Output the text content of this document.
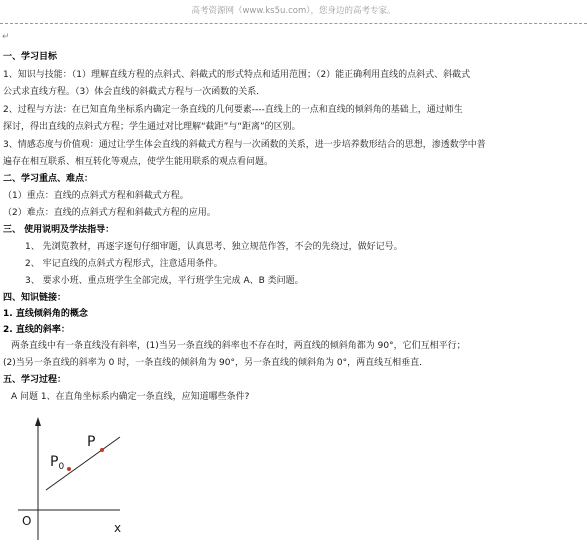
高考资源网（www.ks5u.com），您身边的高考专家。
↵
一、学习目标
1、知识与技能：（1）理解直线方程的点斜式、斜截式的形式特点和适用范围；（2）能正确利用直线的点斜式、斜截式
公式求直线方程。（3）体会直线的斜截式方程与一次函数的关系．
2、过程与方法：在已知直角坐标系内确定一条直线的几何要素----直线上的一点和直线的倾斜角的基础上，通过师生
探讨，得出直线的点斜式方程；学生通过对比理解“截距”与“距离”的区别。
3、情感态度与价值观：通过让学生体会直线的斜截式方程与一次函数的关系，进一步培养数形结合的思想，渗透数学中普
遍存在相互联系、相互转化等观点，使学生能用联系的观点看问题。
二、学习重点、难点：
（1）重点：直线的点斜式方程和斜截式方程。
（2）难点：直线的点斜式方程和斜截式方程的应用。
三、 使用说明及学法指导：
1、 先浏览教材，再逐字逐句仔细审题，认真思考、独立规范作答，不会的先绕过，做好记号。
2、 牢记直线的点斜式方程形式，注意适用条件。
3、 要求小班、重点班学生全部完成，平行班学生完成 A、B 类问题。
四、知识链接：
1. 直线倾斜角的概念
2. 直线的斜率：
两条直线中有一条直线没有斜率，(1)当另一条直线的斜率也不存在时，两直线的倾斜角都为 90°，它们互相平行；
(2)当另一条直线的斜率为 0 时，一条直线的倾斜角为 90°，另一条直线的倾斜角为 0°，两直线互相垂直．
五、学习过程：
A 问题 1、在直角坐标系内确定一条直线，应知道哪些条件?
P
$P_0$
O	x
